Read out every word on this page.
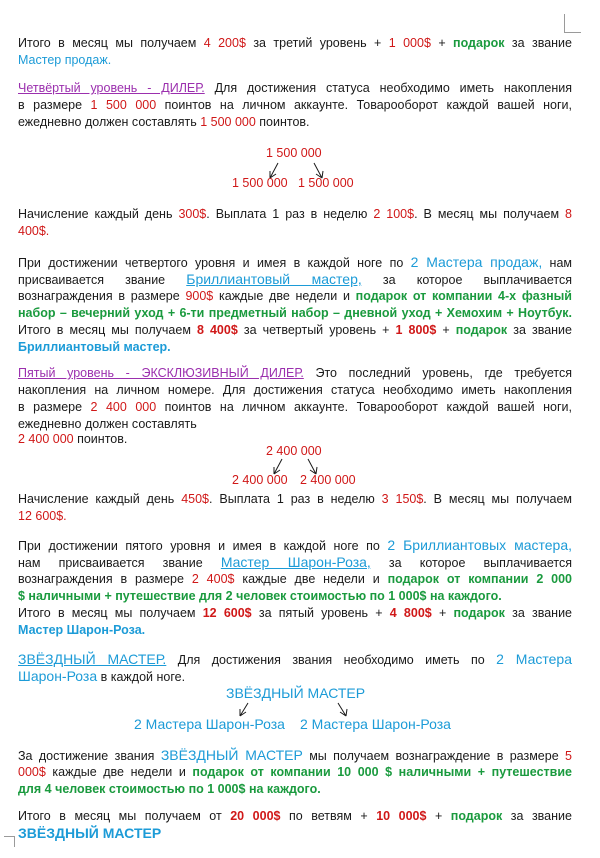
Итого в месяц мы получаем 4 200$ за третий уровень + 1 000$ + подарок за звание
Мастер продаж.
Четвёртый уровень - ДИЛЕР. Для достижения статуса необходимо иметь накопления
в размере 1 500 000 поинтов на личном аккаунте. Товарооборот каждой вашей ноги,
ежедневно должен составлять 1 500 000 поинтов.
1 500 000
1 500 000 1 500 000
Начисление каждый день 300$. Выплата 1 раз в неделю 2 100$. В месяц мы получаем 8
400$.
При достижении четвертого уровня и имея в каждой ноге по 2 Мастера продаж, нам
присваивается звание Бриллиантовый мастер, за которое выплачивается
вознаграждения в размере 900$ каждые две недели и подарок от компании 4-х фазный
набор – вечерний уход + 6-ти предметный набор – дневной уход + Хемохим + Ноутбук.
Итого в месяц мы получаем 8 400$ за четвертый уровень + 1 800$ + подарок за звание
Бриллиантовый мастер.
Пятый уровень - ЭКСКЛЮЗИВНЫЙ ДИЛЕР. Это последний уровень, где требуется
накопления на личном номере. Для достижения статуса необходимо иметь накопления
в размере 2 400 000 поинтов на личном аккаунте. Товарооборот каждой вашей ноги,
ежедневно должен составлять
2 400 000 поинтов.
2 400 000
2 400 000 2 400 000
Начисление каждый день 450$. Выплата 1 раз в неделю 3 150$. В месяц мы получаем
12 600$.
При достижении пятого уровня и имея в каждой ноге по 2 Бриллиантовых мастера,
нам присваивается звание Мастер Шарон-Роза, за которое выплачивается
вознаграждения в размере 2 400$ каждые две недели и подарок от компании 2 000
$ наличными + путешествие для 2 человек стоимостью по 1 000$ на каждого.
Итого в месяц мы получаем 12 600$ за пятый уровень + 4 800$ + подарок за звание
Мастер Шарон-Роза.
ЗВЁЗДНЫЙ МАСТЕР. Для достижения звания необходимо иметь по 2 Мастера
Шарон-Роза в каждой ноге.
ЗВЁЗДНЫЙ МАСТЕР
2 Мастера Шарон-Роза 2 Мастера Шарон-Роза
За достижение звания ЗВЁЗДНЫЙ МАСТЕР мы получаем вознаграждение в размере 5
000$ каждые две недели и подарок от компании 10 000 $ наличными + путешествие
для 4 человек стоимостью по 1 000$ на каждого.
Итого в месяц мы получаем от 20 000$ по ветвям + 10 000$ + подарок за звание
ЗВЁЗДНЫЙ МАСТЕР
